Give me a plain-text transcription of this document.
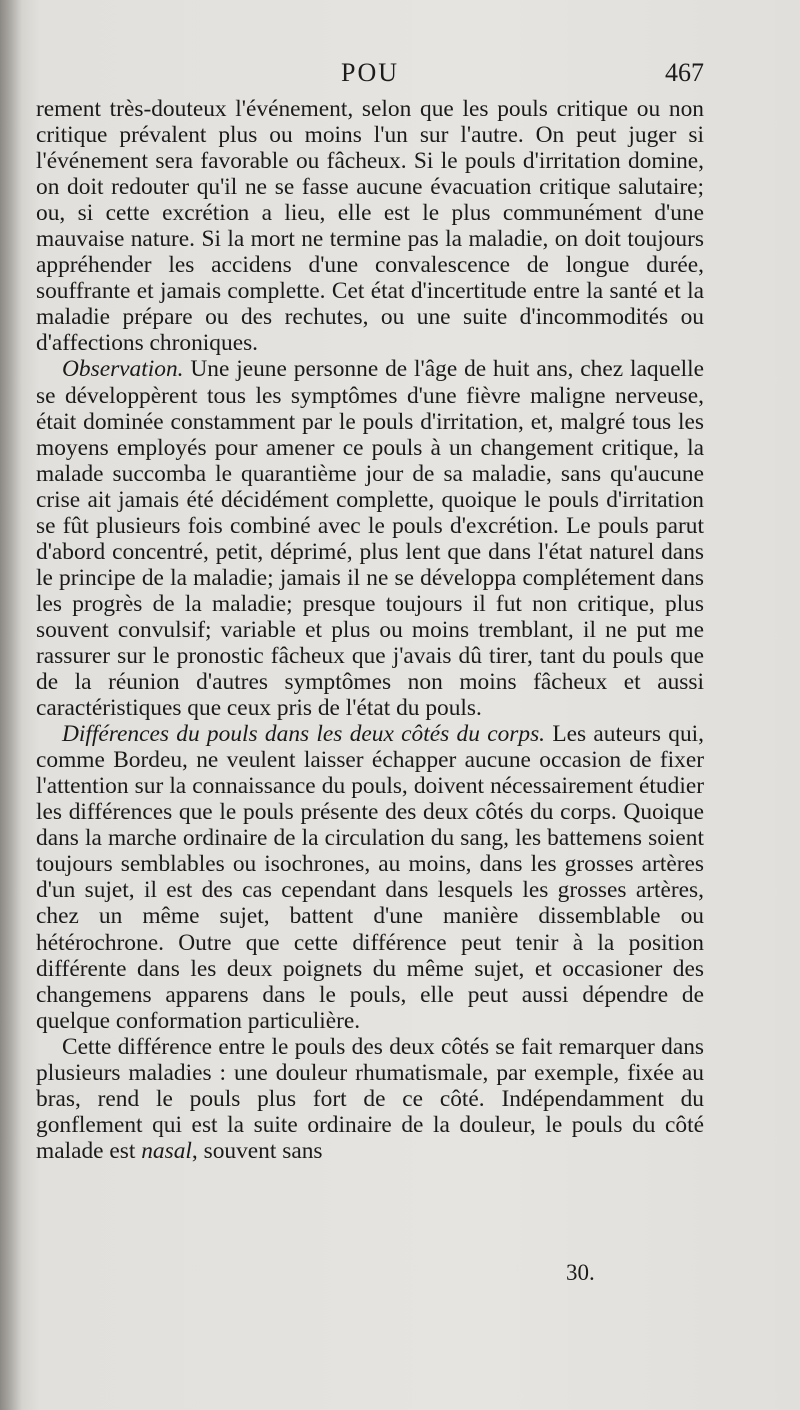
POU	467

rement très-douteux l'événement, selon que les pouls critique ou non critique prévalent plus ou moins l'un sur l'autre. On peut juger si l'événement sera favorable ou fâcheux. Si le pouls d'irritation domine, on doit redouter qu'il ne se fasse aucune évacuation critique salutaire; ou, si cette excrétion a lieu, elle est le plus communément d'une mauvaise nature. Si la mort ne termine pas la maladie, on doit toujours appréhender les accidens d'une convalescence de longue durée, souffrante et jamais complette. Cet état d'incertitude entre la santé et la maladie prépare ou des rechutes, ou une suite d'incommodités ou d'affections chroniques.

Observation. Une jeune personne de l'âge de huit ans, chez laquelle se développèrent tous les symptômes d'une fièvre maligne nerveuse, était dominée constamment par le pouls d'irritation, et, malgré tous les moyens employés pour amener ce pouls à un changement critique, la malade succomba le quarantième jour de sa maladie, sans qu'aucune crise ait jamais été décidément complette, quoique le pouls d'irritation se fût plusieurs fois combiné avec le pouls d'excrétion. Le pouls parut d'abord concentré, petit, déprimé, plus lent que dans l'état naturel dans le principe de la maladie; jamais il ne se développa complétement dans les progrès de la maladie; presque toujours il fut non critique, plus souvent convulsif; variable et plus ou moins tremblant, il ne put me rassurer sur le pronostic fâcheux que j'avais dû tirer, tant du pouls que de la réunion d'autres symptômes non moins fâcheux et aussi caractéristiques que ceux pris de l'état du pouls.

Différences du pouls dans les deux côtés du corps. Les auteurs qui, comme Bordeu, ne veulent laisser échapper aucune occasion de fixer l'attention sur la connaissance du pouls, doivent nécessairement étudier les différences que le pouls présente des deux côtés du corps. Quoique dans la marche ordinaire de la circulation du sang, les battemens soient toujours semblables ou isochrones, au moins, dans les grosses artères d'un sujet, il est des cas cependant dans lesquels les grosses artères, chez un même sujet, battent d'une manière dissemblable ou hétérochrone. Outre que cette différence peut tenir à la position différente dans les deux poignets du même sujet, et occasioner des changemens apparens dans le pouls, elle peut aussi dépendre de quelque conformation particulière.

Cette différence entre le pouls des deux côtés se fait remarquer dans plusieurs maladies : une douleur rhumatismale, par exemple, fixée au bras, rend le pouls plus fort de ce côté. Indépendamment du gonflement qui est la suite ordinaire de la douleur, le pouls du côté malade est nasal, souvent sans

30.
